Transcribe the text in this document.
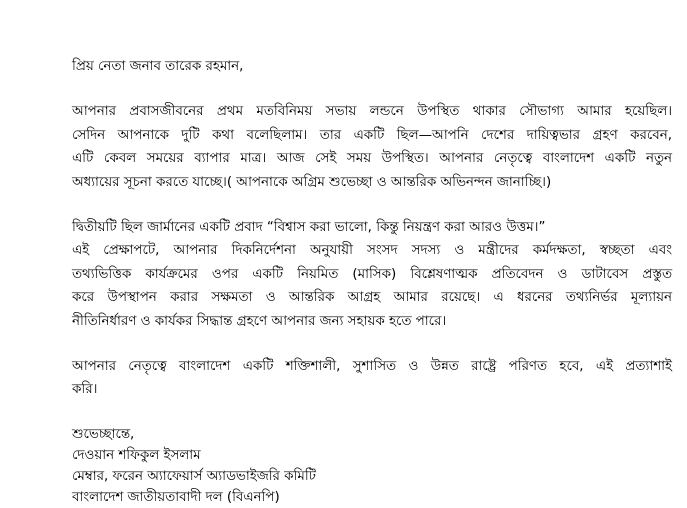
প্রিয় নেতা জনাব তারেক রহমান,

আপনার প্রবাসজীবনের প্রথম মতবিনিময় সভায় লন্ডনে উপস্থিত থাকার সৌভাগ্য আমার হয়েছিল।
সেদিন আপনাকে দুটি কথা বলেছিলাম। তার একটি ছিল—আপনি দেশের দায়িত্বভার গ্রহণ করবেন,
এটি কেবল সময়ের ব্যাপার মাত্র। আজ সেই সময় উপস্থিত। আপনার নেতৃত্বে বাংলাদেশ একটি নতুন
অধ্যায়ের সূচনা করতে যাচ্ছে।( আপনাকে অগ্রিম শুভেচ্ছা ও আন্তরিক অভিনন্দন জানাচ্ছি।)

দ্বিতীয়টি ছিল জার্মানের একটি প্রবাদ “বিশ্বাস করা ভালো, কিন্তু নিয়ন্ত্রণ করা আরও উত্তম।”
এই প্রেক্ষাপটে, আপনার দিকনির্দেশনা অনুযায়ী সংসদ সদস্য ও মন্ত্রীদের কর্মদক্ষতা, স্বচ্ছতা এবং
তথ্যভিত্তিক কার্যক্রমের ওপর একটি নিয়মিত (মাসিক) বিশ্লেষণাত্মক প্রতিবেদন ও ডাটাবেস প্রস্তুত
করে উপস্থাপন করার সক্ষমতা ও আন্তরিক আগ্রহ আমার রয়েছে। এ ধরনের তথ্যনির্ভর মূল্যায়ন
নীতিনির্ধারণ ও কার্যকর সিদ্ধান্ত গ্রহণে আপনার জন্য সহায়ক হতে পারে।

আপনার নেতৃত্বে বাংলাদেশ একটি শক্তিশালী, সুশাসিত ও উন্নত রাষ্ট্রে পরিণত হবে, এই প্রত্যাশাই
করি।

শুভেচ্ছান্তে,
দেওয়ান শফিকুল ইসলাম
মেম্বার, ফরেন অ্যাফেয়ার্স অ্যাডভাইজরি কমিটি
বাংলাদেশ জাতীয়তাবাদী দল (বিএনপি)
